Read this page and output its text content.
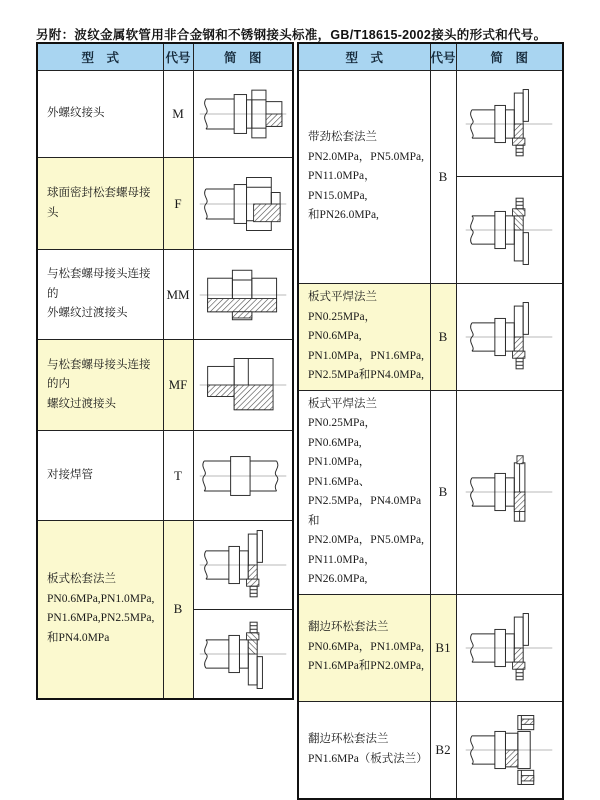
另附：波纹金属软管用非合金钢和不锈钢接头标准，GB/T18615-2002接头的形式和代号。

型　式	代号	简　图

外螺纹接头	M	

球面密封松套螺母接头	F	

与松套螺母接头连接的
外螺纹过渡接头	MM	

与松套螺母接头连接的内
螺纹过渡接头	MF	

对接焊管	T	

板式松套法兰
PN0.6MPa,PN1.0MPa,
PN1.6MPa,PN2.5MPa,
和PN4.0MPa	B	

型　式	代号	简　图

带劲松套法兰
PN2.0MPa，PN5.0MPa,
PN11.0MPa，PN15.0MPa,
和PN26.0MPa,	B	

板式平焊法兰
PN0.25MPa，PN0.6MPa,
PN1.0MPa，PN1.6MPa,
PN2.5MPa和PN4.0MPa,	B	

板式平焊法兰
PN0.25MPa，PN0.6MPa,
PN1.0MPa，PN1.6MPa、
PN2.5MPa，PN4.0MPa和
PN2.0MPa，PN5.0MPa,
PN11.0MPa，PN26.0MPa,
	B	

翻边环松套法兰
PN0.6MPa，PN1.0MPa,
PN1.6MPa和PN2.0MPa,	B1	

翻边环松套法兰
PN1.6MPa（板式法兰）	B2	
